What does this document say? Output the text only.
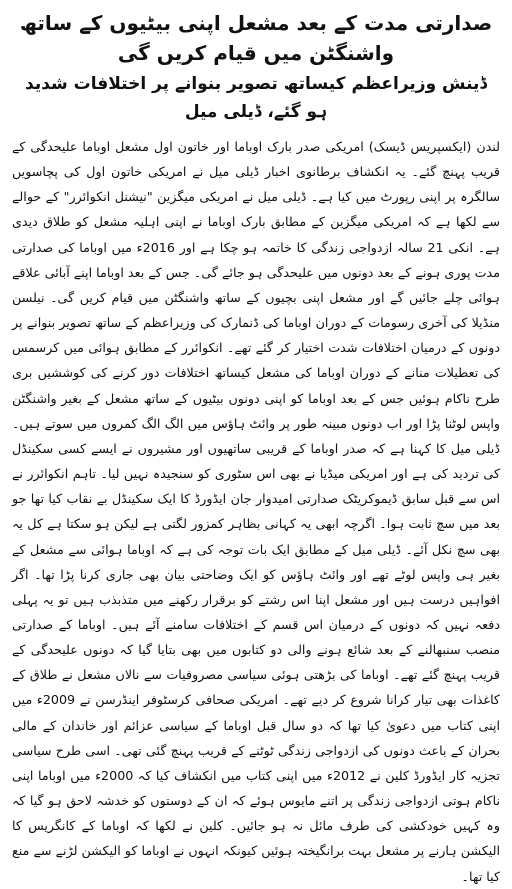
صدارتی مدت کے بعد مشعل اپنی بیٹیوں کے ساتھ واشنگٹن میں قیام کریں گی
ڈینش وزیراعظم کیساتھ تصویر بنوانے پر اختلافات شدید ہو گئے، ڈیلی میل

لندن (ایکسپریس ڈیسک) امریکی صدر بارک اوباما اور خاتون اول مشعل اوباما علیحدگی کے قریب پہنچ گئے۔ یہ انکشاف برطانوی اخبار ڈیلی میل نے امریکی خاتون اول کی پچاسویں سالگرہ پر اپنی رپورٹ میں کیا ہے۔ ڈیلی میل نے امریکی میگزین "نیشنل انکوائرر" کے حوالے سے لکھا ہے کہ امریکی میگزین کے مطابق بارک اوباما نے اپنی اہلیہ مشعل کو طلاق دیدی ہے۔ انکی 21 سالہ ازدواجی زندگی کا خاتمہ ہو چکا ہے اور 2016ء میں اوباما کی صدارتی مدت پوری ہونے کے بعد دونوں میں علیحدگی ہو جائے گی۔ جس کے بعد اوباما اپنے آبائی علاقے ہوائی چلے جائیں گے اور مشعل اپنی بچیوں کے ساتھ واشنگٹن میں قیام کریں گی۔ نیلسن منڈیلا کی آخری رسومات کے دوران اوباما کی ڈنمارک کی وزیراعظم کے ساتھ تصویر بنوانے پر دونوں کے درمیان اختلافات شدت اختیار کر گئے تھے۔ انکوائرر کے مطابق ہوائی میں کرسمس کی تعطیلات منانے کے دوران اوباما کی مشعل کیساتھ اختلافات دور کرنے کی کوششیں بری طرح ناکام ہوئیں جس کے بعد اوباما کو اپنی دونوں بیٹیوں کے ساتھ مشعل کے بغیر واشنگٹن واپس لوٹنا پڑا اور اب دونوں مبینہ طور پر وائٹ ہاؤس میں الگ الگ کمروں میں سوتے ہیں۔ ڈیلی میل کا کہنا ہے کہ صدر اوباما کے قریبی ساتھیوں اور مشیروں نے ایسے کسی سکینڈل کی تردید کی ہے اور امریکی میڈیا نے بھی اس سٹوری کو سنجیدہ نہیں لیا۔ تاہم انکوائرر نے اس سے قبل سابق ڈیموکریٹک صدارتی امیدوار جان ایڈورڈ کا ایک سکینڈل بے نقاب کیا تھا جو بعد میں سچ ثابت ہوا۔ اگرچہ ابھی یہ کہانی بظاہر کمزور لگتی ہے لیکن ہو سکتا ہے کل یہ بھی سچ نکل آئے۔ ڈیلی میل کے مطابق ایک بات توجہ کی ہے کہ اوباما ہوائی سے مشعل کے بغیر ہی واپس لوٹے تھے اور وائٹ ہاؤس کو ایک وضاحتی بیان بھی جاری کرنا پڑا تھا۔ اگر افواہیں درست ہیں اور مشعل اپنا اس رشتے کو برقرار رکھنے میں متذبذب ہیں تو یہ پہلی دفعہ نہیں کہ دونوں کے درمیان اس قسم کے اختلافات سامنے آئے ہیں۔ اوباما کے صدارتی منصب سنبھالنے کے بعد شائع ہونے والی دو کتابوں میں بھی بتایا گیا کہ دونوں علیحدگی کے قریب پہنچ گئے تھے۔ اوباما کی بڑھتی ہوئی سیاسی مصروفیات سے نالاں مشعل نے طلاق کے کاغذات بھی تیار کرانا شروع کر دیے تھے۔ امریکی صحافی کرسٹوفر اینڈرسن نے 2009ء میں اپنی کتاب میں دعویٰ کیا تھا کہ دو سال قبل اوباما کے سیاسی عزائم اور خاندان کے مالی بحران کے باعث دونوں کی ازدواجی زندگی ٹوٹنے کے قریب پہنچ گئی تھی۔ اسی طرح سیاسی تجزیہ کار ایڈورڈ کلین نے 2012ء میں اپنی کتاب میں انکشاف کیا کہ 2000ء میں اوباما اپنی ناکام ہوتی ازدواجی زندگی پر اتنے مایوس ہوئے کہ ان کے دوستوں کو خدشہ لاحق ہو گیا کہ وہ کہیں خودکشی کی طرف مائل نہ ہو جائیں۔ کلین نے لکھا کہ اوباما کے کانگریس کا الیکشن ہارنے پر مشعل بہت برانگیختہ ہوئیں کیونکہ انہوں نے اوباما کو الیکشن لڑنے سے منع کیا تھا۔
